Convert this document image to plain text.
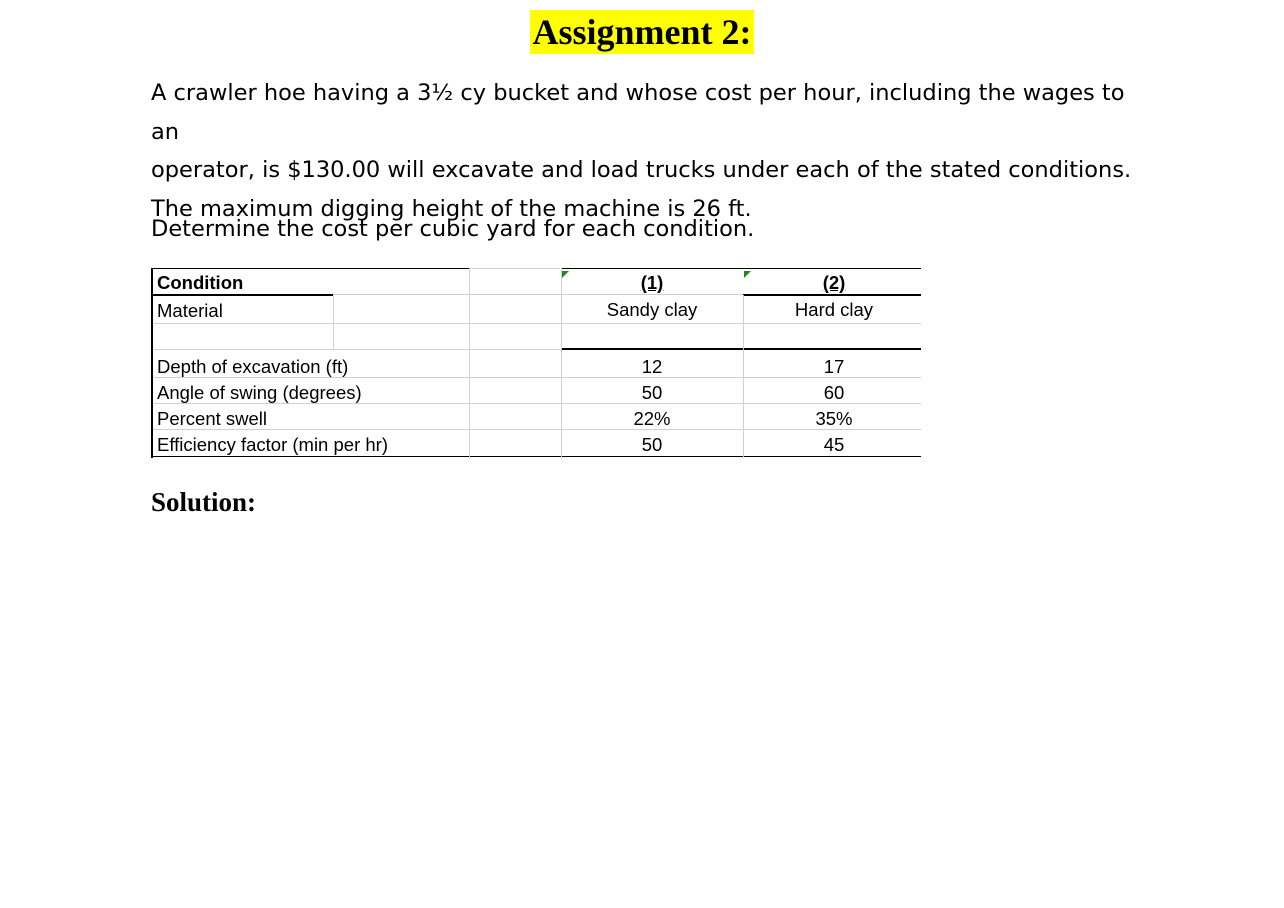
Assignment 2:

A crawler hoe having a 3½ cy bucket and whose cost per hour, including the wages to an
operator, is $130.00 will excavate and load trucks under each of the stated conditions.
The maximum digging height of the machine is 26 ft.

Determine the cost per cubic yard for each condition.

Condition	(1)	(2)
Material	Sandy clay	Hard clay
Depth of excavation (ft)	12	17
Angle of swing (degrees)	50	60
Percent swell	22%	35%
Efficiency factor (min per hr)	50	45
Solution:
